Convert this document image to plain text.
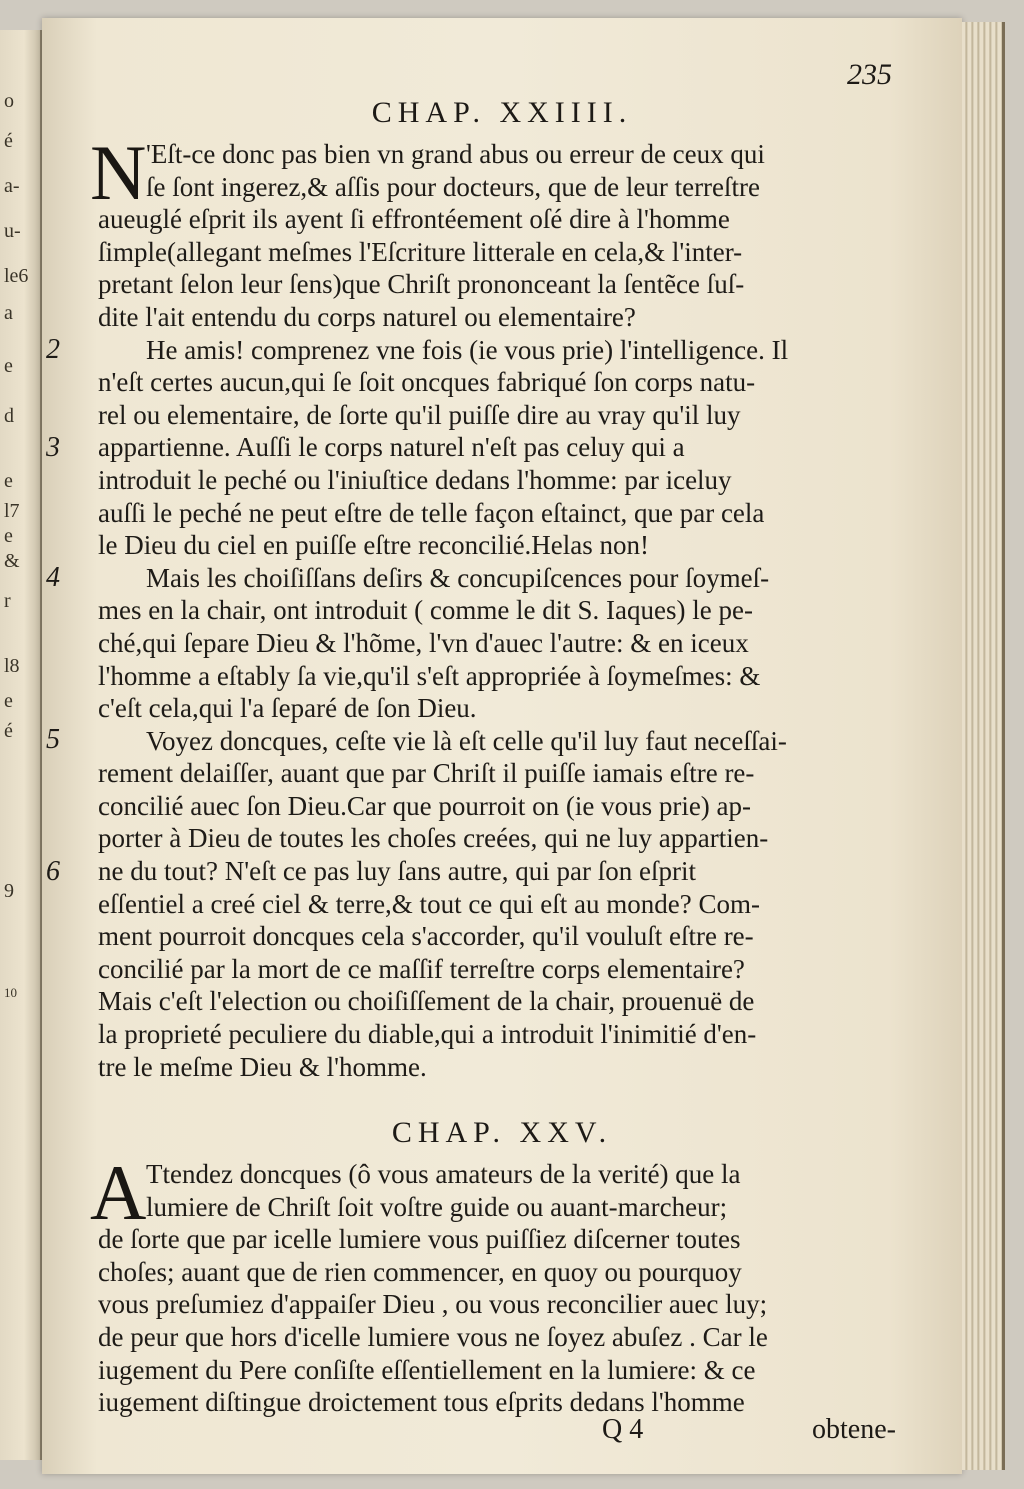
o
é
a-
u-
le6
a
e
d
e
l7
e
&
r
l8
e
é
9
10
235
CHAP. XXIIII.
N 'Eſt-ce donc pas bien vn grand abus ou erreur de ceux qui
ſe ſont ingerez,& aſſis pour docteurs, que de leur terreſtre
aueuglé eſprit ils ayent ſi effrontéement oſé dire à l'homme
ſimple(allegant meſmes l'Eſcriture litterale en cela,& l'inter-
pretant ſelon leur ſens)que Chriſt prononceant la ſentẽce ſuſ-
dite l'ait entendu du corps naturel ou elementaire?
He amis! comprenez vne fois (ie vous prie) l'intelligence. Il
n'eſt certes aucun,qui ſe ſoit oncques fabriqué ſon corps natu-
rel ou elementaire, de ſorte qu'il puiſſe dire au vray qu'il luy
appartienne. Auſſi le corps naturel n'eſt pas celuy qui a
introduit le peché ou l'iniuſtice dedans l'homme: par iceluy
auſſi le peché ne peut eſtre de telle façon eſtainct, que par cela
le Dieu du ciel en puiſſe eſtre reconcilié.Helas non!
Mais les choiſiſſans deſirs & concupiſcences pour ſoymeſ-
mes en la chair, ont introduit ( comme le dit S. Iaques) le pe-
ché,qui ſepare Dieu & l'hõme, l'vn d'auec l'autre: & en iceux
l'homme a eſtably ſa vie,qu'il s'eſt appropriée à ſoymeſmes: &
c'eſt cela,qui l'a ſeparé de ſon Dieu.
Voyez doncques, ceſte vie là eſt celle qu'il luy faut neceſſai-
rement delaiſſer, auant que par Chriſt il puiſſe iamais eſtre re-
concilié auec ſon Dieu.Car que pourroit on (ie vous prie) ap-
porter à Dieu de toutes les choſes creées, qui ne luy appartien-
ne du tout? N'eſt ce pas luy ſans autre, qui par ſon eſprit
eſſentiel a creé ciel & terre,& tout ce qui eſt au monde? Com-
ment pourroit doncques cela s'accorder, qu'il vouluſt eſtre re-
concilié par la mort de ce maſſif terreſtre corps elementaire?
Mais c'eſt l'election ou choiſiſſement de la chair, prouenuë de
la proprieté peculiere du diable,qui a introduit l'inimitié d'en-
tre le meſme Dieu & l'homme.
2
3
4
5
6
CHAP. XXV.
A Ttendez doncques (ô vous amateurs de la verité) que la
lumiere de Chriſt ſoit voſtre guide ou auant-marcheur;
de ſorte que par icelle lumiere vous puiſſiez diſcerner toutes
choſes; auant que de rien commencer, en quoy ou pourquoy
vous preſumiez d'appaiſer Dieu , ou vous reconcilier auec luy;
de peur que hors d'icelle lumiere vous ne ſoyez abuſez . Car le
iugement du Pere conſiſte eſſentiellement en la lumiere: & ce
iugement diſtingue droictement tous eſprits dedans l'homme
Q 4	obtene-
